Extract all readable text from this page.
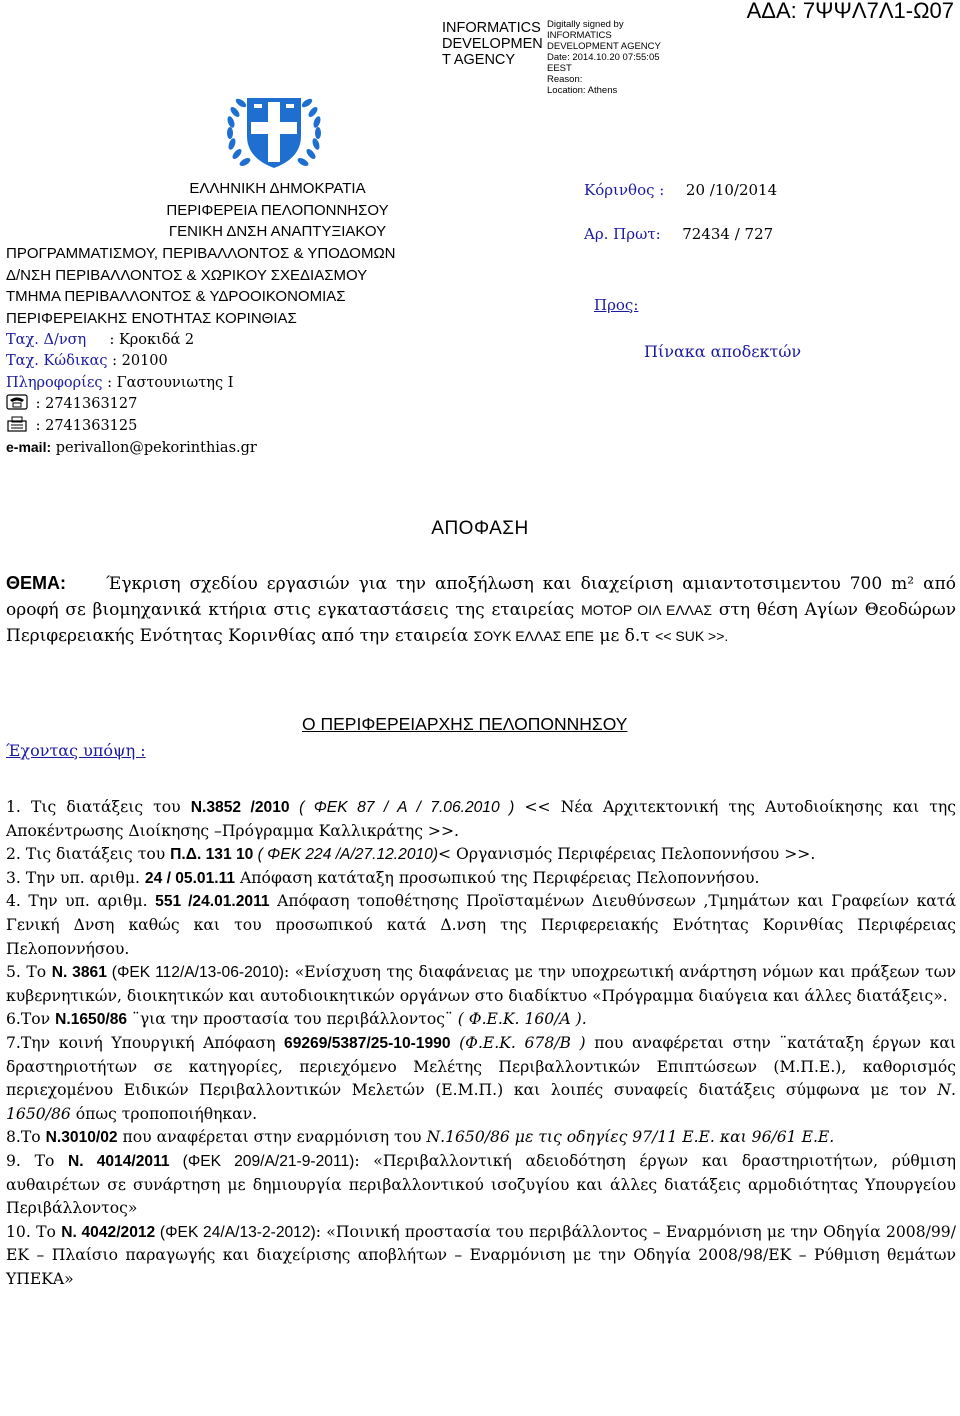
ΑΔΑ: 7ΨΨΛ7Λ1-Ω07
INFORMATICS DEVELOPMEN T AGENCY
Digitally signed by
INFORMATICS
DEVELOPMENT AGENCY
Date: 2014.10.20 07:55:05
EEST
Reason:
Location: Athens
ΕΛΛΗΝΙΚΗ ΔΗΜΟΚΡΑΤΙΑ
ΠΕΡΙΦΕΡΕΙΑ ΠΕΛΟΠΟΝΝΗΣΟΥ
ΓΕΝΙΚΗ ΔΝΣΗ ΑΝΑΠΤΥΞΙΑΚΟΥ
ΠΡΟΓΡΑΜΜΑΤΙΣΜΟΥ, ΠΕΡΙΒΑΛΛΟΝΤΟΣ & ΥΠΟΔΟΜΩΝ
Δ/ΝΣΗ ΠΕΡΙΒΑΛΛΟΝΤΟΣ & ΧΩΡΙΚΟΥ ΣΧΕΔΙΑΣΜΟΥ
ΤΜΗΜΑ ΠΕΡΙΒΑΛΛΟΝΤΟΣ & ΥΔΡΟΟΙΚΟΝΟΜΙΑΣ
ΠΕΡΙΦΕΡΕΙΑΚΗΣ ΕΝΟΤΗΤΑΣ ΚΟΡΙΝΘΙΑΣ
Ταχ. Δ/νση : Κροκιδά 2
Ταχ. Κώδικας : 20100
Πληροφορίες : Γαστουνιωτης Ι
: 2741363127
: 2741363125
e-mail: perivallon@pekorinthias.gr
Κόρινθος : 20 /10/2014
Αρ. Πρωτ: 72434 / 727
Προς:
Πίνακα αποδεκτών
ΑΠΟΦΑΣΗ
ΘΕΜΑ: Έγκριση σχεδίου εργασιών για την αποξήλωση και διαχείριση αμιαντοτσιμεντου 700 m² από οροφή σε βιομηχανικά κτήρια στις εγκαταστάσεις της εταιρείας ΜΟΤΟΡ ΟΙΛ ΕΛΛΑΣ στη θέση Αγίων Θεοδώρων Περιφερειακής Ενότητας Κορινθίας από την εταιρεία ΣΟΥΚ ΕΛΛΑΣ ΕΠΕ με δ.τ << SUK >>.
Ο ΠΕΡΙΦΕΡΕΙΑΡΧΗΣ ΠΕΛΟΠΟΝΝΗΣΟΥ
Έχοντας υπόψη :

1. Τις διατάξεις του Ν.3852 /2010 ( ΦΕΚ 87 / Α / 7.06.2010 ) << Νέα Αρχιτεκτονική της Αυτοδιοίκησης και της Αποκέντρωσης Διοίκησης –Πρόγραμμα Καλλικράτης >>.

2. Τις διατάξεις του Π.Δ. 131 10 ( ΦΕΚ 224 /Α/27.12.2010)< Οργανισμός Περιφέρειας Πελοποννήσου >>.

3. Την υπ. αριθμ. 24 / 05.01.11 Απόφαση κατάταξη προσωπικού της Περιφέρειας Πελοποννήσου.

4. Την υπ. αριθμ. 551 /24.01.2011 Απόφαση τοποθέτησης Προϊσταμένων Διευθύνσεων ,Τμημάτων και Γραφείων κατά Γενική Δνση καθώς και του προσωπικού κατά Δ.νση της Περιφερειακής Ενότητας Κορινθίας Περιφέρειας Πελοποννήσου.

5. Το Ν. 3861 (ΦΕΚ 112/Α/13-06-2010): «Ενίσχυση της διαφάνειας με την υποχρεωτική ανάρτηση νόμων και πράξεων των κυβερνητικών, διοικητικών και αυτοδιοικητικών οργάνων στο διαδίκτυο «Πρόγραμμα διαύγεια και άλλες διατάξεις».

6.Τον Ν.1650/86 ¨για την προστασία του περιβάλλοντος¨ ( Φ.Ε.Κ. 160/Α ).

7.Την κοινή Υπουργική Απόφαση 69269/5387/25-10-1990 (Φ.Ε.Κ. 678/Β ) που αναφέρεται στην ¨κατάταξη έργων και δραστηριοτήτων σε κατηγορίες, περιεχόμενο Μελέτης Περιβαλλοντικών Επιπτώσεων (Μ.Π.Ε.), καθορισμός περιεχομένου Ειδικών Περιβαλλοντικών Μελετών (Ε.Μ.Π.) και λοιπές συναφείς διατάξεις σύμφωνα με τον Ν. 1650/86 όπως τροποποιήθηκαν.

8.Το Ν.3010/02 που αναφέρεται στην εναρμόνιση του Ν.1650/86 με τις οδηγίες 97/11 Ε.Ε. και 96/61 Ε.Ε.

9. Το Ν. 4014/2011 (ΦΕΚ 209/Α/21-9-2011): «Περιβαλλοντική αδειοδότηση έργων και δραστηριοτήτων, ρύθμιση αυθαιρέτων σε συνάρτηση με δημιουργία περιβαλλοντικού ισοζυγίου και άλλες διατάξεις αρμοδιότητας Υπουργείου Περιβάλλοντος»

10. Το Ν. 4042/2012 (ΦΕΚ 24/Α/13-2-2012): «Ποινική προστασία του περιβάλλοντος – Εναρμόνιση με την Οδηγία 2008/99/ΕΚ – Πλαίσιο παραγωγής και διαχείρισης αποβλήτων – Εναρμόνιση με την Οδηγία 2008/98/ΕΚ – Ρύθμιση θεμάτων ΥΠΕΚΑ»
